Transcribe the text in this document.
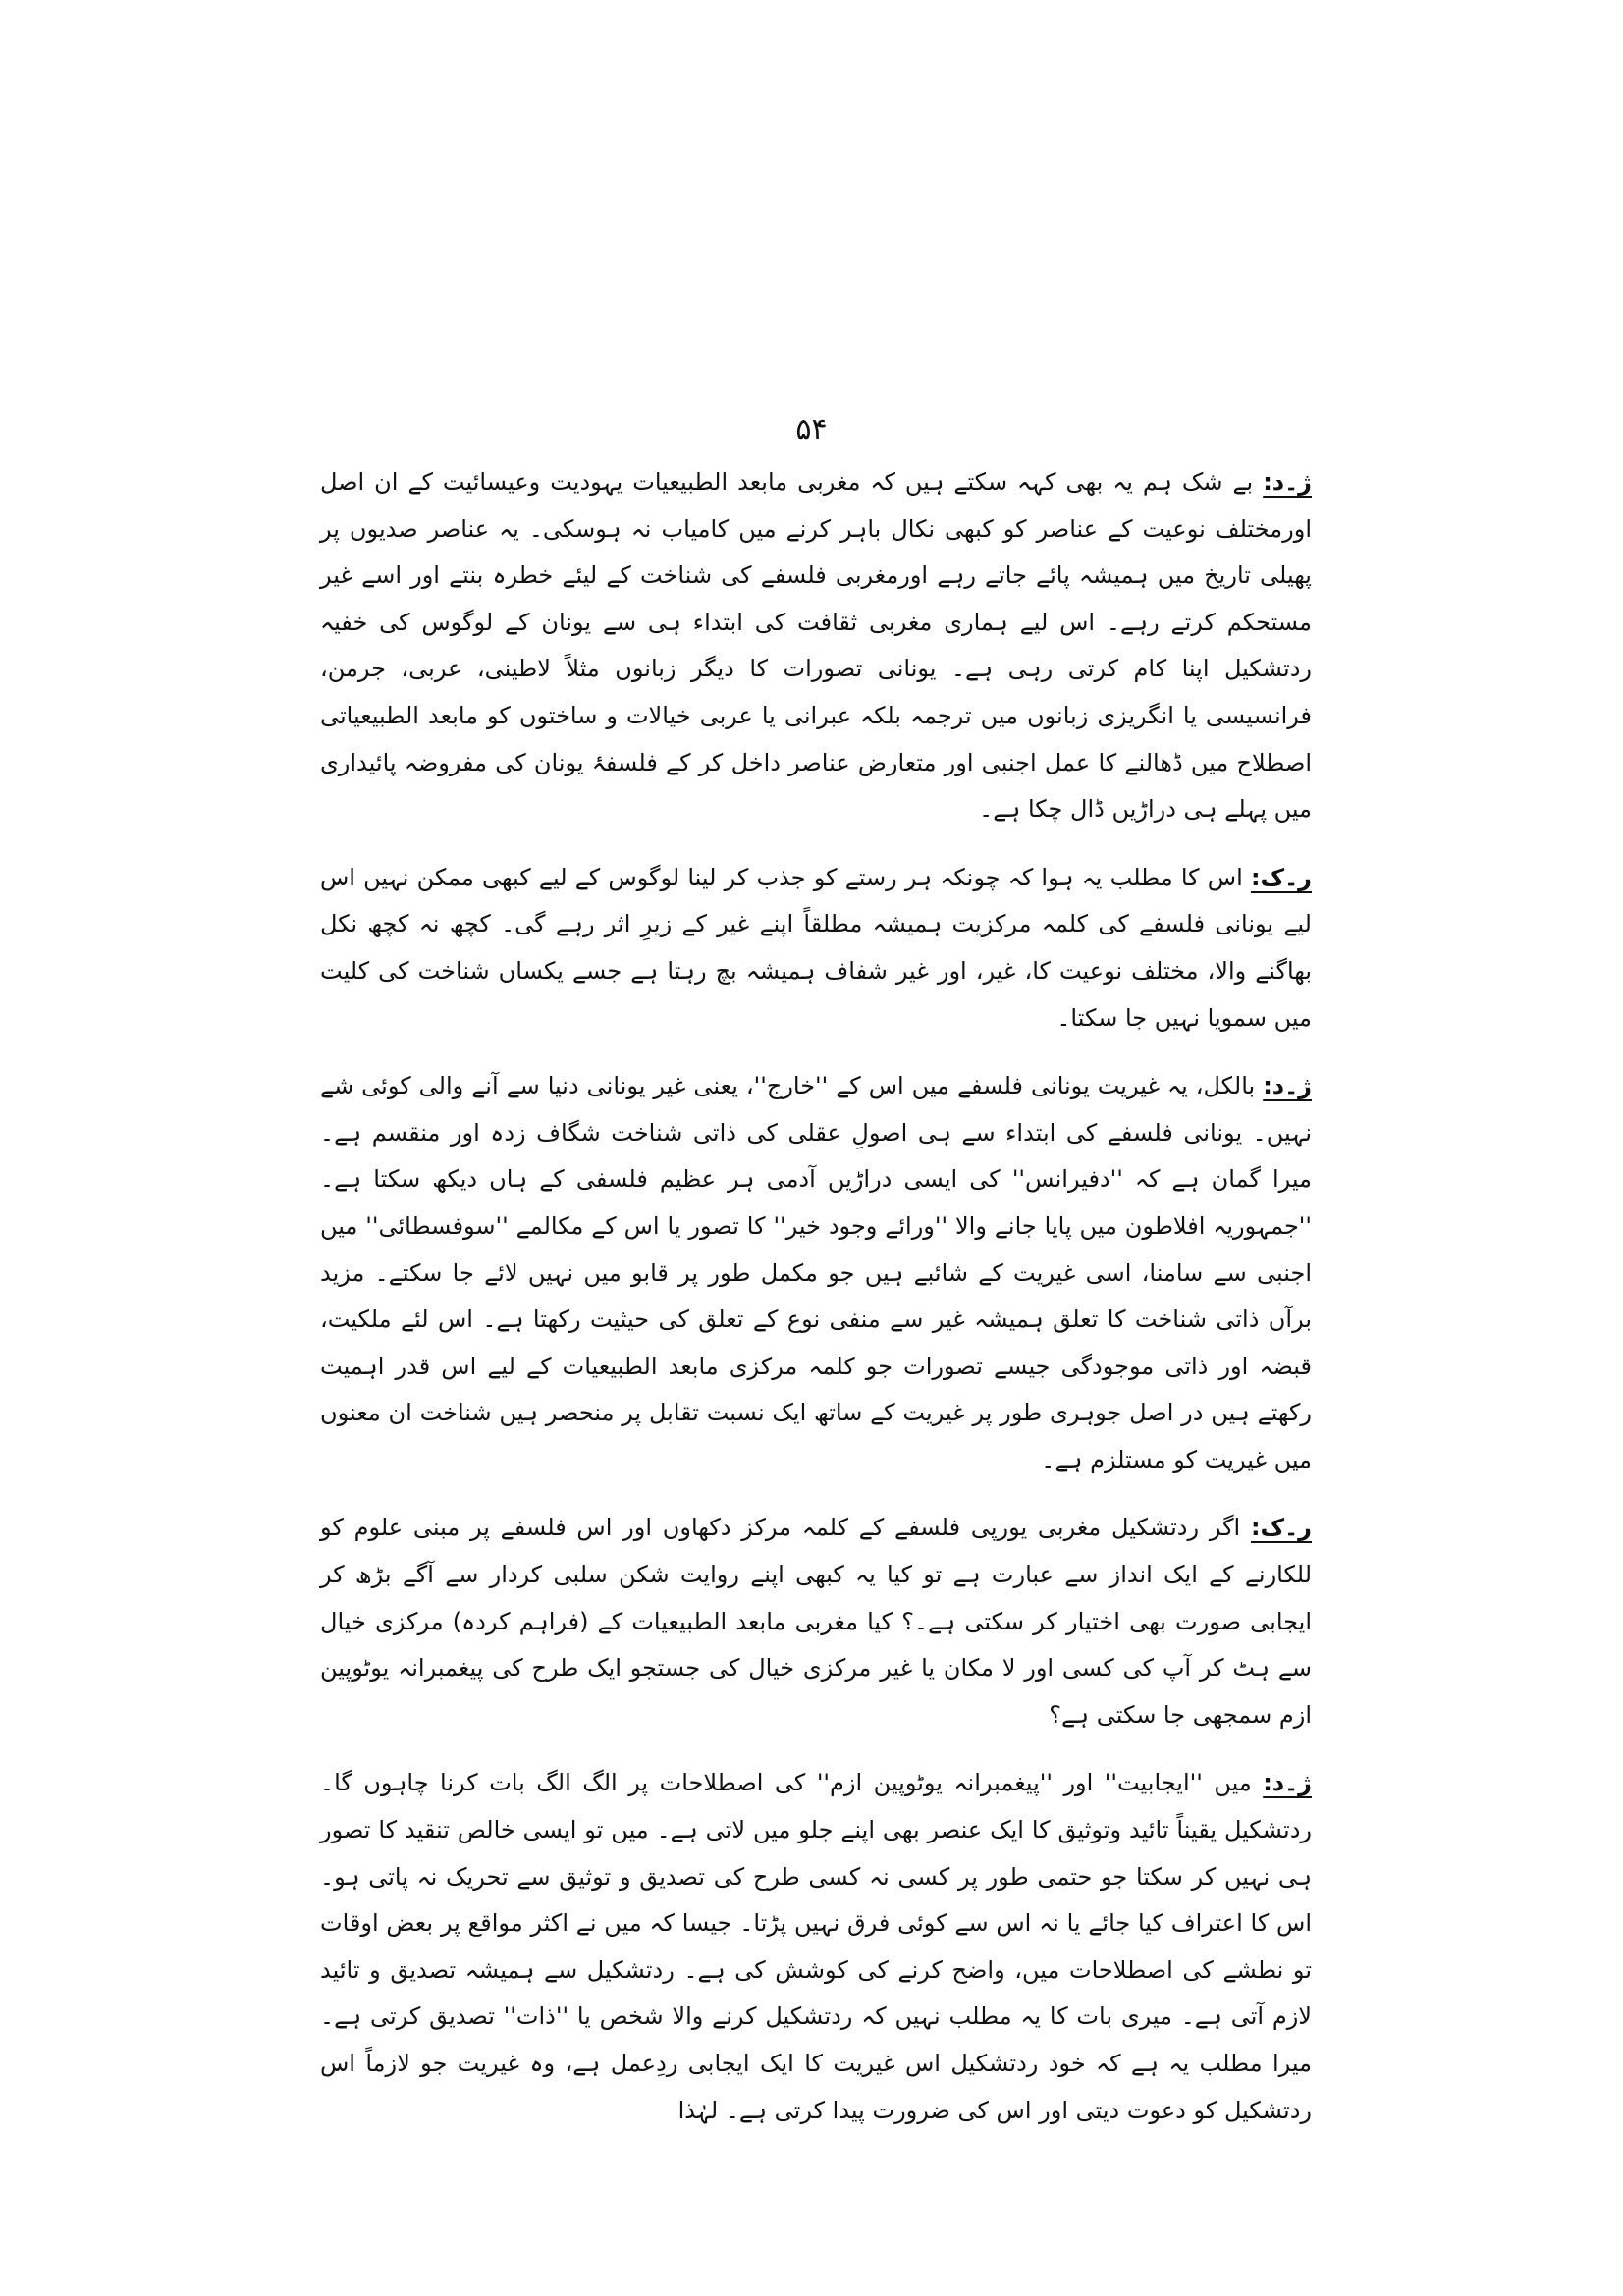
۵۴

ژ۔د: بے شک ہم یہ بھی کہہ سکتے ہیں کہ مغربی مابعد الطبیعیات یہودیت وعیسائیت کے ان اصل اورمختلف نوعیت کے عناصر کو کبھی نکال باہر کرنے میں کامیاب نہ ہوسکی۔ یہ عناصر صدیوں پر پھیلی تاریخ میں ہمیشہ پائے جاتے رہے اورمغربی فلسفے کی شناخت کے لیئے خطرہ بنتے اور اسے غیر مستحکم کرتے رہے۔ اس لیے ہماری مغربی ثقافت کی ابتداء ہی سے یونان کے لوگوس کی خفیہ ردتشکیل اپنا کام کرتی رہی ہے۔ یونانی تصورات کا دیگر زبانوں مثلاً لاطینی، عربی، جرمن، فرانسیسی یا انگریزی زبانوں میں ترجمہ بلکہ عبرانی یا عربی خیالات و ساختوں کو مابعد الطبیعیاتی اصطلاح میں ڈھالنے کا عمل اجنبی اور متعارض عناصر داخل کر کے فلسفۂ یونان کی مفروضہ پائیداری میں پہلے ہی دراڑیں ڈال چکا ہے۔

ر۔ک: اس کا مطلب یہ ہوا کہ چونکہ ہر رستے کو جذب کر لینا لوگوس کے لیے کبھی ممکن نہیں اس لیے یونانی فلسفے کی کلمہ مرکزیت ہمیشہ مطلقاً اپنے غیر کے زیرِ اثر رہے گی۔ کچھ نہ کچھ نکل بھاگنے والا، مختلف نوعیت کا، غیر، اور غیر شفاف ہمیشہ بچ رہتا ہے جسے یکساں شناخت کی کلیت میں سمویا نہیں جا سکتا۔

ژ۔د: بالکل، یہ غیریت یونانی فلسفے میں اس کے ''خارج''، یعنی غیر یونانی دنیا سے آنے والی کوئی شے نہیں۔ یونانی فلسفے کی ابتداء سے ہی اصولِ عقلی کی ذاتی شناخت شگاف زدہ اور منقسم ہے۔ میرا گمان ہے کہ ''دفیرانس'' کی ایسی دراڑیں آدمی ہر عظیم فلسفی کے ہاں دیکھ سکتا ہے۔ ''جمہوریہ افلاطون میں پایا جانے والا ''ورائے وجود خیر'' کا تصور یا اس کے مکالمے ''سوفسطائی'' میں اجنبی سے سامنا، اسی غیریت کے شائبے ہیں جو مکمل طور پر قابو میں نہیں لائے جا سکتے۔ مزید برآں ذاتی شناخت کا تعلق ہمیشہ غیر سے منفی نوع کے تعلق کی حیثیت رکھتا ہے۔ اس لئے ملکیت، قبضہ اور ذاتی موجودگی جیسے تصورات جو کلمہ مرکزی مابعد الطبیعیات کے لیے اس قدر اہمیت رکھتے ہیں در اصل جوہری طور پر غیریت کے ساتھ ایک نسبت تقابل پر منحصر ہیں شناخت ان معنوں میں غیریت کو مستلزم ہے۔

ر۔ک: اگر ردتشکیل مغربی یورپی فلسفے کے کلمہ مرکز دکھاوں اور اس فلسفے پر مبنی علوم کو للکارنے کے ایک انداز سے عبارت ہے تو کیا یہ کبھی اپنے روایت شکن سلبی کردار سے آگے بڑھ کر ایجابی صورت بھی اختیار کر سکتی ہے۔؟ کیا مغربی مابعد الطبیعیات کے (فراہم کردہ) مرکزی خیال سے ہٹ کر آپ کی کسی اور لا مکان یا غیر مرکزی خیال کی جستجو ایک طرح کی پیغمبرانہ یوٹوپین ازم سمجھی جا سکتی ہے؟

ژ۔د: میں ''ایجابیت'' اور ''پیغمبرانہ یوٹوپین ازم'' کی اصطلاحات پر الگ الگ بات کرنا چاہوں گا۔ ردتشکیل یقیناً تائید وتوثیق کا ایک عنصر بھی اپنے جلو میں لاتی ہے۔ میں تو ایسی خالص تنقید کا تصور ہی نہیں کر سکتا جو حتمی طور پر کسی نہ کسی طرح کی تصدیق و توثیق سے تحریک نہ پاتی ہو۔ اس کا اعتراف کیا جائے یا نہ اس سے کوئی فرق نہیں پڑتا۔ جیسا کہ میں نے اکثر مواقع پر بعض اوقات تو نطشے کی اصطلاحات میں، واضح کرنے کی کوشش کی ہے۔ ردتشکیل سے ہمیشہ تصدیق و تائید لازم آتی ہے۔ میری بات کا یہ مطلب نہیں کہ ردتشکیل کرنے والا شخص یا ''ذات'' تصدیق کرتی ہے۔ میرا مطلب یہ ہے کہ خود ردتشکیل اس غیریت کا ایک ایجابی ردِعمل ہے، وہ غیریت جو لازماً اس ردتشکیل کو دعوت دیتی اور اس کی ضرورت پیدا کرتی ہے۔ لہٰذا
